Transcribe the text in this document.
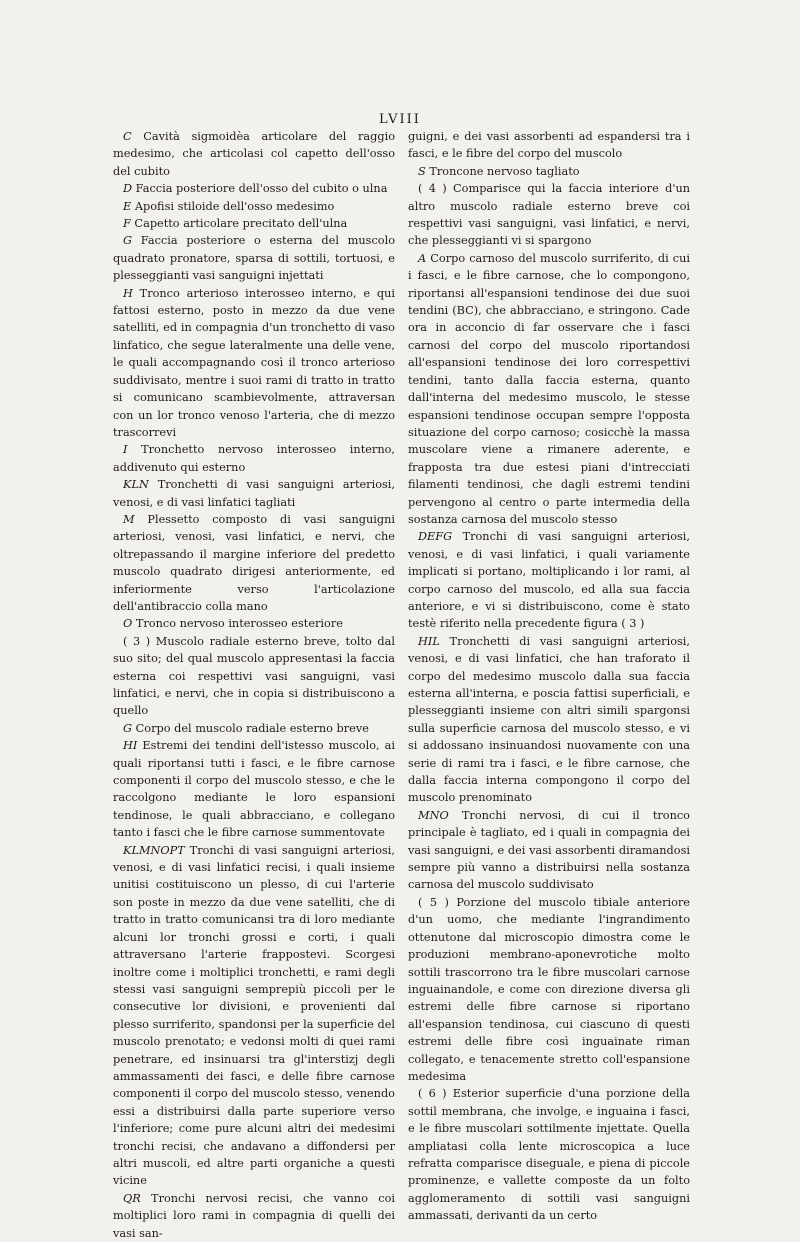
LVIII

C Cavità sigmoidèa articolare del raggio medesimo, che articolasi col capetto dell'osso del cubito

D Faccia posteriore dell'osso del cubito o ulna

E Apofisi stiloide dell'osso medesimo

F Capetto articolare precitato dell'ulna

G Faccia posteriore o esterna del muscolo quadrato pronatore, sparsa di sottili, tortuosi, e plesseggianti vasi sanguigni injettati

H Tronco arterioso interosseo interno, e qui fattosi esterno, posto in mezzo da due vene satelliti, ed in compagnia d'un tronchetto di vaso linfatico, che segue lateralmente una delle vene, le quali accompagnando così il tronco arterioso suddivisato, mentre i suoi rami di tratto in tratto si comunicano scambievolmente, attraversan con un lor tronco venoso l'arteria, che di mezzo trascorrevi

I Tronchetto nervoso interosseo interno, addivenuto qui esterno

KLN Tronchetti di vasi sanguigni arteriosi, venosi, e di vasi linfatici tagliati

M Plessetto composto di vasi sanguigni arteriosi, venosi, vasi linfatici, e nervi, che oltrepassando il margine inferiore del predetto muscolo quadrato dirigesi anteriormente, ed inferiormente verso l'articolazione dell'antibraccio colla mano

O Tronco nervoso interosseo esteriore

( 3 ) Muscolo radiale esterno breve, tolto dal suo sito; del qual muscolo appresentasi la faccia esterna coi respettivi vasi sanguigni, vasi linfatici, e nervi, che in copia si distribuiscono a quello

G Corpo del muscolo radiale esterno breve

HI Estremi dei tendini dell'istesso muscolo, ai quali riportansi tutti i fasci, e le fibre carnose componenti il corpo del muscolo stesso, e che le raccolgono mediante le loro espansioni tendinose, le quali abbracciano, e collegano tanto i fasci che le fibre carnose summentovate

KLMNOPT Tronchi di vasi sanguigni arteriosi, venosi, e di vasi linfatici recisi, i quali insieme unitisi costituiscono un plesso, di cui l'arterie son poste in mezzo da due vene satelliti, che di tratto in tratto comunicansi tra di loro mediante alcuni lor tronchi grossi e corti, i quali attraversano l'arterie frappostevi. Scorgesi inoltre come i moltiplici tronchetti, e rami degli stessi vasi sanguigni semprepiù piccoli per le consecutive lor divisioni, e provenienti dal plesso surriferito, spandonsi per la superficie del muscolo prenotato; e vedonsi molti di quei rami penetrare, ed insinuarsi tra gl'interstizj degli ammassamenti dei fasci, e delle fibre carnose componenti il corpo del muscolo stesso, venendo essi a distribuirsi dalla parte superiore verso l'inferiore; come pure alcuni altri dei medesimi tronchi recisi, che andavano a diffondersi per altri muscoli, ed altre parti organiche a questi vicine

QR Tronchi nervosi recisi, che vanno coi moltiplici loro rami in compagnia di quelli dei vasi san-

guigni, e dei vasi assorbenti ad espandersi tra i fasci, e le fibre del corpo del muscolo

S Troncone nervoso tagliato

( 4 ) Comparisce qui la faccia interiore d'un altro muscolo radiale esterno breve coi respettivi vasi sanguigni, vasi linfatici, e nervi, che plesseggianti vi si spargono

A Corpo carnoso del muscolo surriferito, di cui i fasci, e le fibre carnose, che lo compongono, riportansi all'espansioni tendinose dei due suoi tendini (BC), che abbracciano, e stringono. Cade ora in acconcio di far osservare che i fasci carnosi del corpo del muscolo riportandosi all'espansioni tendinose dei loro correspettivi tendini, tanto dalla faccia esterna, quanto dall'interna del medesimo muscolo, le stesse espansioni tendinose occupan sempre l'opposta situazione del corpo carnoso; cosicchè la massa muscolare viene a rimanere aderente, e frapposta tra due estesi piani d'intrecciati filamenti tendinosi, che dagli estremi tendini pervengono al centro o parte intermedia della sostanza carnosa del muscolo stesso

DEFG Tronchi di vasi sanguigni arteriosi, venosi, e di vasi linfatici, i quali variamente implicati si portano, moltiplicando i lor rami, al corpo carnoso del muscolo, ed alla sua faccia anteriore, e vi si distribuiscono, come è stato testè riferito nella precedente figura ( 3 )

HIL Tronchetti di vasi sanguigni arteriosi, venosi, e di vasi linfatici, che han traforato il corpo del medesimo muscolo dalla sua faccia esterna all'interna, e poscia fattisi superficiali, e plesseggianti insieme con altri simili spargonsi sulla superficie carnosa del muscolo stesso, e vi si addossano insinuandosi nuovamente con una serie di rami tra i fasci, e le fibre carnose, che dalla faccia interna compongono il corpo del muscolo prenominato

MNO Tronchi nervosi, di cui il tronco principale è tagliato, ed i quali in compagnia dei vasi sanguigni, e dei vasi assorbenti diramandosi sempre più vanno a distribuirsi nella sostanza carnosa del muscolo suddivisato

( 5 ) Porzione del muscolo tibiale anteriore d'un uomo, che mediante l'ingrandimento ottenutone dal microscopio dimostra come le produzioni membrano-aponevrotiche molto sottili trascorrono tra le fibre muscolari carnose inguainandole, e come con direzione diversa gli estremi delle fibre carnose si riportano all'espansion tendinosa, cui ciascuno di questi estremi delle fibre così inguainate riman collegato, e tenacemente stretto coll'espansione medesima

( 6 ) Esterior superficie d'una porzione della sottil membrana, che involge, e inguaina i fasci, e le fibre muscolari sottilmente injettate. Quella ampliatasi colla lente microscopica a luce refratta comparisce diseguale, e piena di piccole prominenze, e vallette composte da un folto agglomeramento di sottili vasi sanguigni ammassati, derivanti da un certo
